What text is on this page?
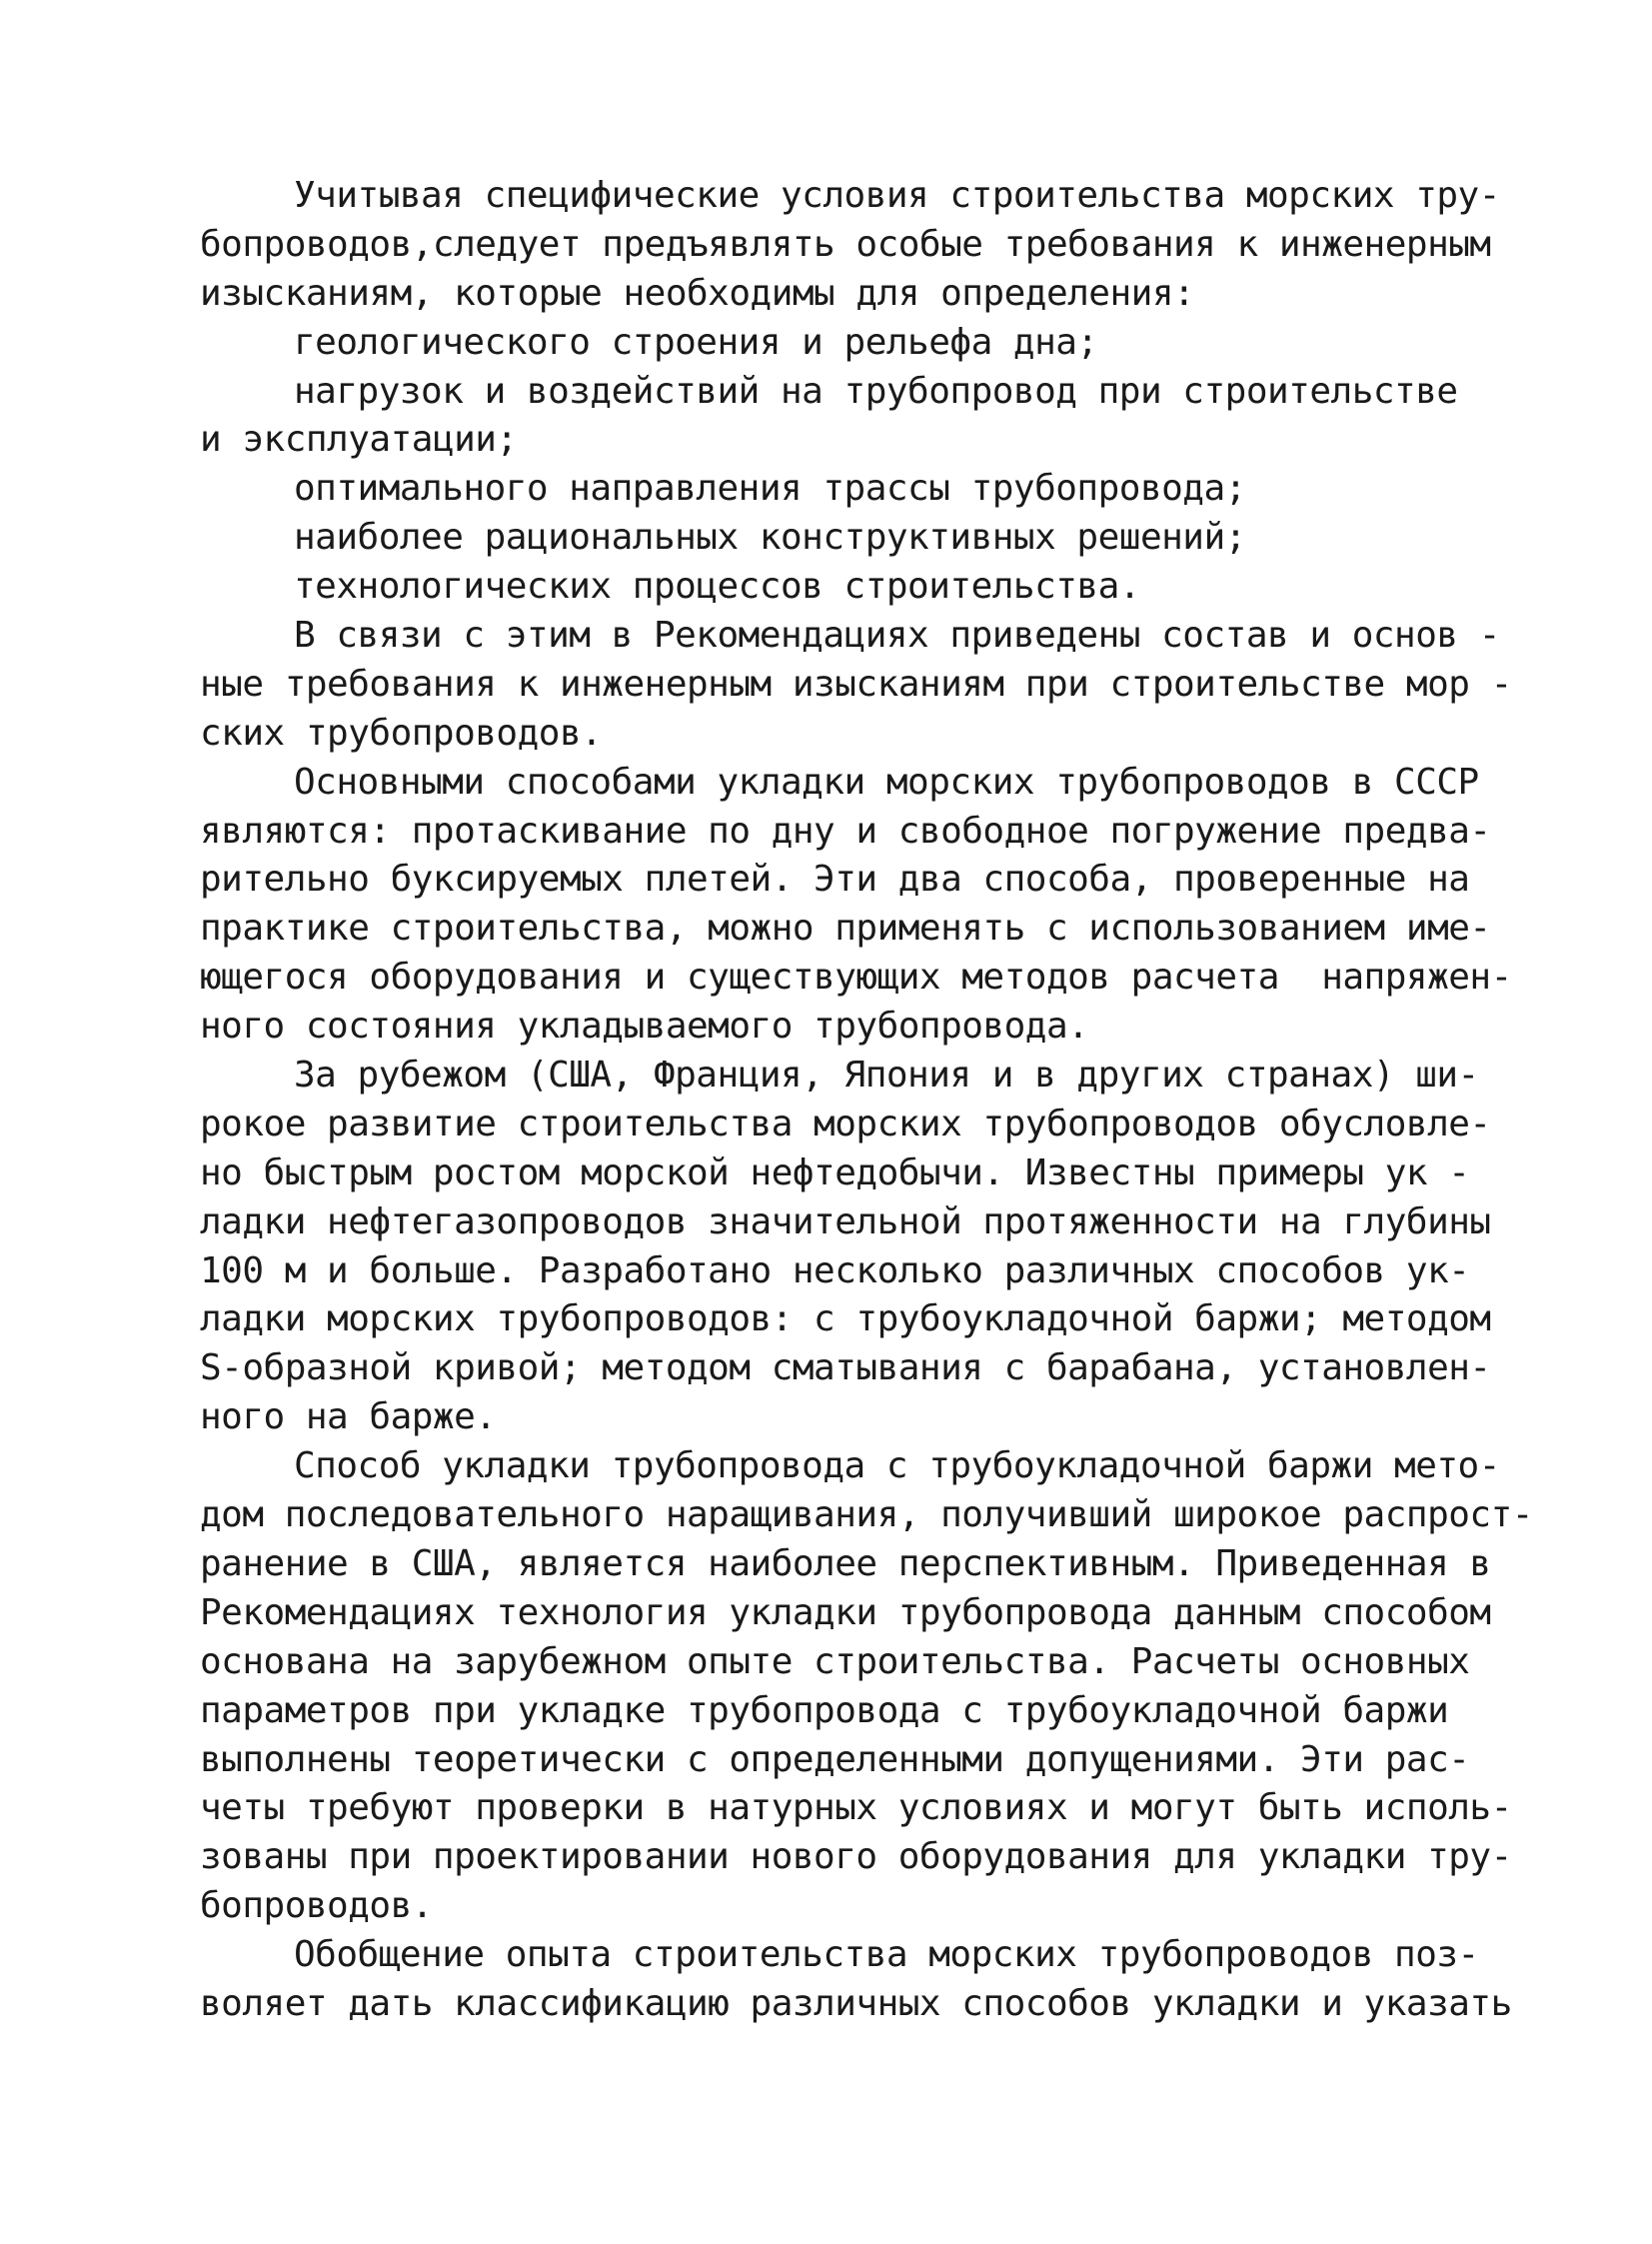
Учитывая специфические условия строительства морских тру-
бопроводов,следует предъявлять особые требования к инженерным
изысканиям, которые необходимы для определения:
геологического строения и рельефа дна;
нагрузок и воздействий на трубопровод при строительстве
и эксплуатации;
оптимального направления трассы трубопровода;
наиболее рациональных конструктивных решений;
технологических процессов строительства.
В связи с этим в Рекомендациях приведены состав и основ -
ные требования к инженерным изысканиям при строительстве мор -
ских трубопроводов.
Основными способами укладки морских трубопроводов в СССР
являются: протаскивание по дну и свободное погружение предва-
рительно буксируемых плетей. Эти два способа, проверенные на
практике строительства, можно применять с использованием име-
ющегося оборудования и существующих методов расчета  напряжен-
ного состояния укладываемого трубопровода.
За рубежом (США, Франция, Япония и в других странах) ши-
рокое развитие строительства морских трубопроводов обусловле-
но быстрым ростом морской нефтедобычи. Известны примеры ук -
ладки нефтегазопроводов значительной протяженности на глубины
100 м и больше. Разработано несколько различных способов ук-
ладки морских трубопроводов: с трубоукладочной баржи; методом
S-образной кривой; методом сматывания с барабана, установлен-
ного на барже.
Способ укладки трубопровода с трубоукладочной баржи мето-
дом последовательного наращивания, получивший широкое распрост-
ранение в США, является наиболее перспективным. Приведенная в
Рекомендациях технология укладки трубопровода данным способом
основана на зарубежном опыте строительства. Расчеты основных
параметров при укладке трубопровода с трубоукладочной баржи
выполнены теоретически с определенными допущениями. Эти рас-
четы требуют проверки в натурных условиях и могут быть исполь-
зованы при проектировании нового оборудования для укладки тру-
бопроводов.
Обобщение опыта строительства морских трубопроводов поз-
воляет дать классификацию различных способов укладки и указать
